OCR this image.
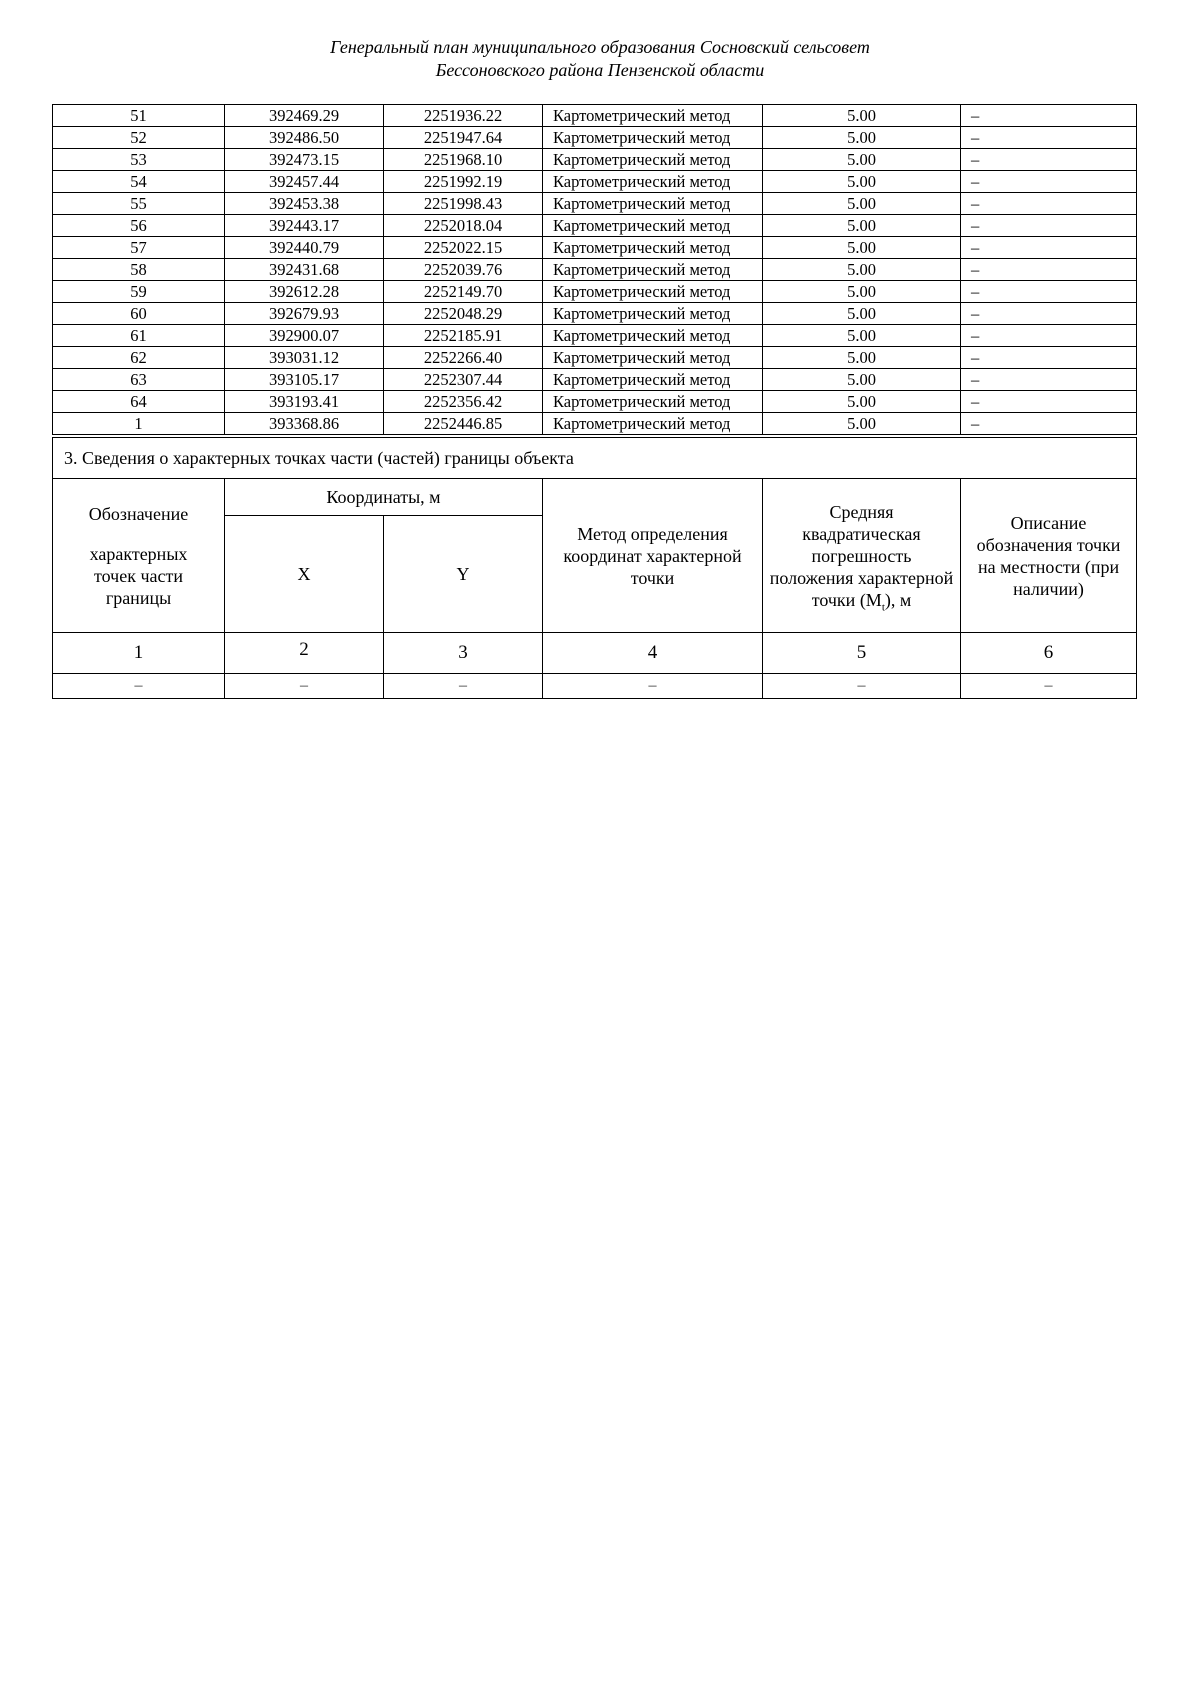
Генеральный план муниципального образования Сосновский сельсовет
Бессоновского района Пензенской области
51	392469.29	2251936.22	Картометрический метод	5.00	–
52	392486.50	2251947.64	Картометрический метод	5.00	–
53	392473.15	2251968.10	Картометрический метод	5.00	–
54	392457.44	2251992.19	Картометрический метод	5.00	–
55	392453.38	2251998.43	Картометрический метод	5.00	–
56	392443.17	2252018.04	Картометрический метод	5.00	–
57	392440.79	2252022.15	Картометрический метод	5.00	–
58	392431.68	2252039.76	Картометрический метод	5.00	–
59	392612.28	2252149.70	Картометрический метод	5.00	–
60	392679.93	2252048.29	Картометрический метод	5.00	–
61	392900.07	2252185.91	Картометрический метод	5.00	–
62	393031.12	2252266.40	Картометрический метод	5.00	–
63	393105.17	2252307.44	Картометрический метод	5.00	–
64	393193.41	2252356.42	Картометрический метод	5.00	–
1	393368.86	2252446.85	Картометрический метод	5.00	–
3. Сведения о характерных точках части (частей) границы объекта					

Обозначение
характерных точек части границы	Координаты, м		Метод определения координат характерной точки	Средняя квадратическая погрешность положения характерной точки $(M_t)$, м	Описание обозначения точки на местности (при наличии)
	X	Y			
1	2	3	4	5	6
–	–	–	–	–	–
